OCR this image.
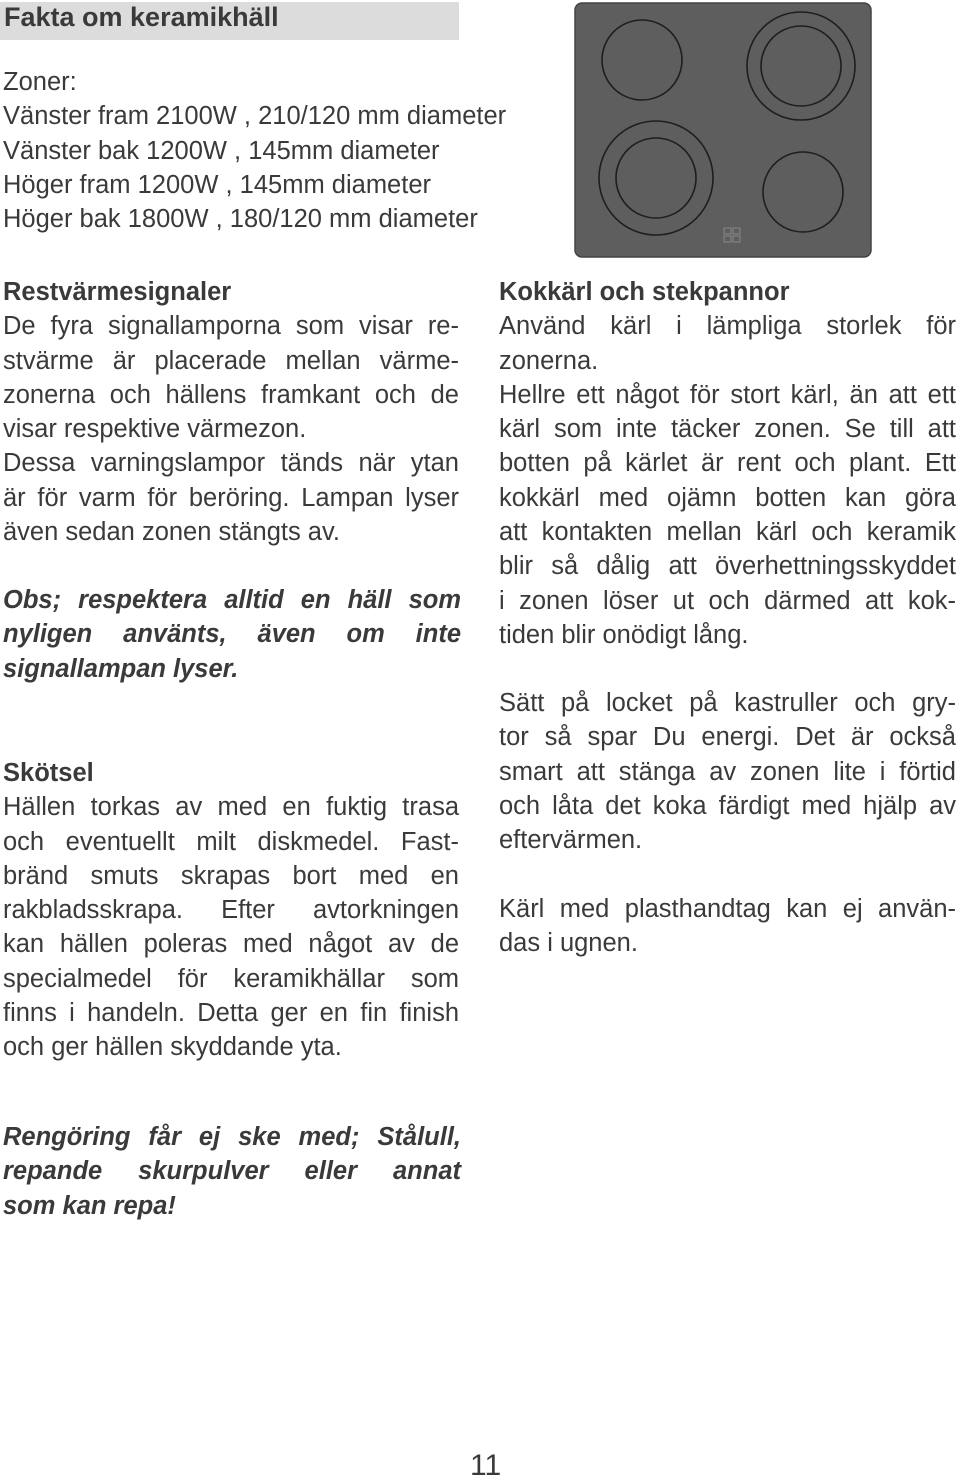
Fakta om keramikhäll
Zoner:
Vänster fram 2100W , 210/120 mm diameter
Vänster bak 1200W , 145mm diameter
Höger fram 1200W , 145mm diameter
Höger bak 1800W , 180/120 mm diameter
Restvärmesignaler
De fyra signallamporna som visar re-
stvärme är placerade mellan värme-
zonerna och hällens framkant och de
visar respektive värmezon.
Dessa varningslampor tänds när ytan
är för varm för beröring. Lampan lyser
även sedan zonen stängts av.
Obs; respektera alltid en häll som
nyligen använts, även om inte
signallampan lyser.
Skötsel
Hällen torkas av med en fuktig trasa
och eventuellt milt diskmedel. Fast-
bränd smuts skrapas bort med en
rakbladsskrapa. Efter avtorkningen
kan hällen poleras med något av de
specialmedel för keramikhällar som
finns i handeln. Detta ger en fin finish
och ger hällen skyddande yta.
Rengöring får ej ske med; Stålull,
repande skurpulver eller annat
som kan repa!
Kokkärl och stekpannor
Använd kärl i lämpliga storlek för
zonerna.
Hellre ett något för stort kärl, än att ett
kärl som inte täcker zonen. Se till att
botten på kärlet är rent och plant. Ett
kokkärl med ojämn botten kan göra
att kontakten mellan kärl och keramik
blir så dålig att överhettningsskyddet
i zonen löser ut och därmed att kok-
tiden blir onödigt lång.
Sätt på locket på kastruller och gry-
tor så spar Du energi. Det är också
smart att stänga av zonen lite i förtid
och låta det koka färdigt med hjälp av
eftervärmen.
Kärl med plasthandtag kan ej använ-
das i ugnen.
11
